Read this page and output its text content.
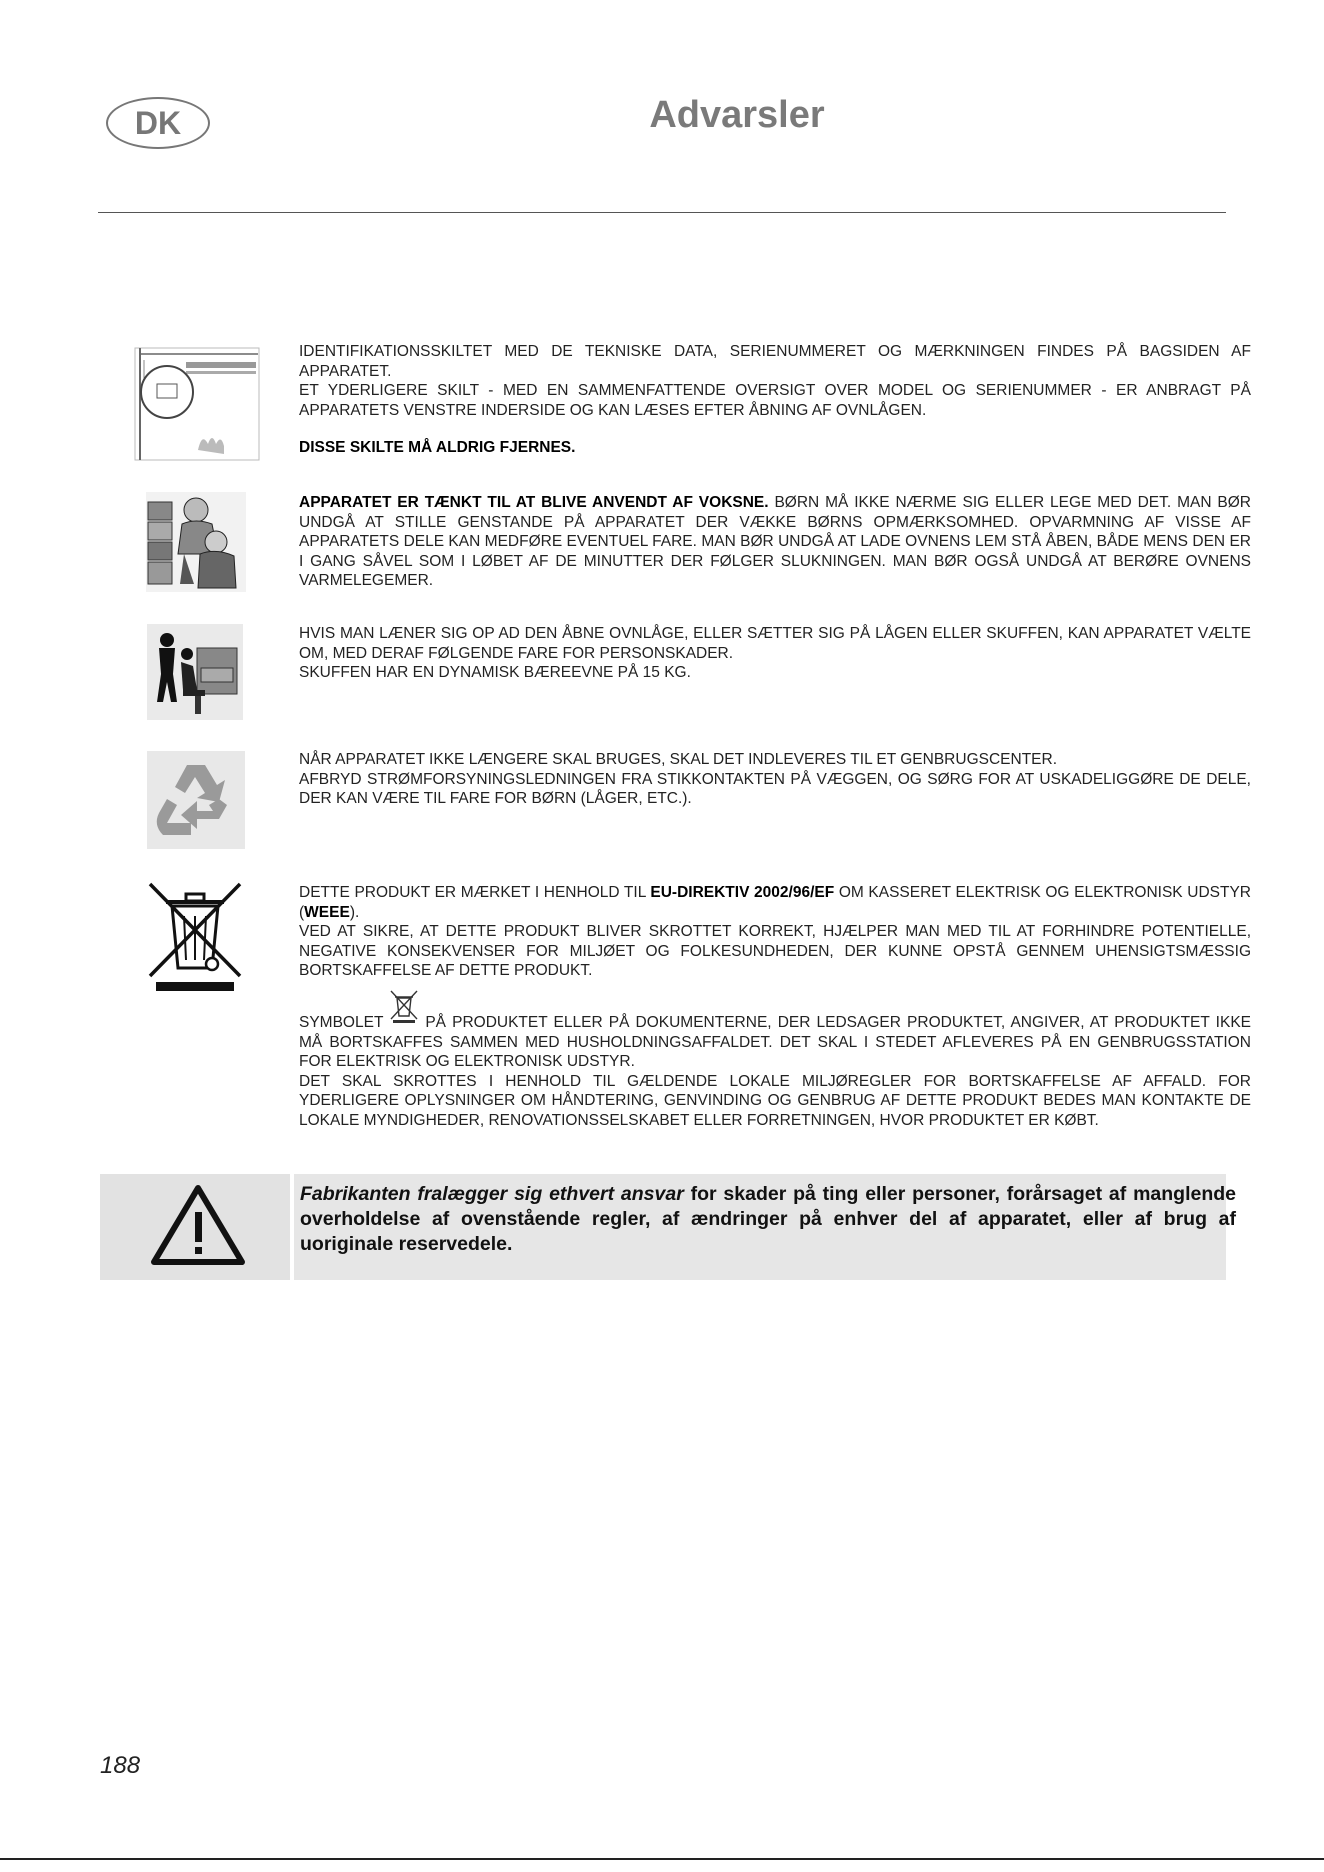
DK	Advarsler

IDENTIFIKATIONSSKILTET MED DE TEKNISKE DATA, SERIENUMMERET OG MÆRKNINGEN FINDES PÅ BAGSIDEN AF APPARATET.

ET YDERLIGERE SKILT - MED EN SAMMENFATTENDE OVERSIGT OVER MODEL OG SERIENUMMER - ER ANBRAGT PÅ APPARATETS VENSTRE INDERSIDE OG KAN LÆSES EFTER ÅBNING AF OVNLÅGEN.

DISSE SKILTE MÅ ALDRIG FJERNES.

APPARATET ER TÆNKT TIL AT BLIVE ANVENDT AF VOKSNE. BØRN MÅ IKKE NÆRME SIG ELLER LEGE MED DET. MAN BØR UNDGÅ AT STILLE GENSTANDE PÅ APPARATET DER VÆKKE BØRNS OPMÆRKSOMHED. OPVARMNING AF VISSE AF APPARATETS DELE KAN MEDFØRE EVENTUEL FARE. MAN BØR UNDGÅ AT LADE OVNENS LEM STÅ ÅBEN, BÅDE MENS DEN ER I GANG SÅVEL SOM I LØBET AF DE MINUTTER DER FØLGER SLUKNINGEN. MAN BØR OGSÅ UNDGÅ AT BERØRE OVNENS VARMELEGEMER.

HVIS MAN LÆNER SIG OP AD DEN ÅBNE OVNLÅGE, ELLER SÆTTER SIG PÅ LÅGEN ELLER SKUFFEN, KAN APPARATET VÆLTE OM, MED DERAF FØLGENDE FARE FOR PERSONSKADER.

SKUFFEN HAR EN DYNAMISK BÆREEVNE PÅ 15 KG.

NÅR APPARATET IKKE LÆNGERE SKAL BRUGES, SKAL DET INDLEVERES TIL ET GENBRUGSCENTER.

AFBRYD STRØMFORSYNINGSLEDNINGEN FRA STIKKONTAKTEN PÅ VÆGGEN, OG SØRG FOR AT USKADELIGGØRE DE DELE, DER KAN VÆRE TIL FARE FOR BØRN (LÅGER, ETC.).

DETTE PRODUKT ER MÆRKET I HENHOLD TIL EU-DIREKTIV 2002/96/EF OM KASSERET ELEKTRISK OG ELEKTRONISK UDSTYR (WEEE).

VED AT SIKRE, AT DETTE PRODUKT BLIVER SKROTTET KORREKT, HJÆLPER MAN MED TIL AT FORHINDRE POTENTIELLE, NEGATIVE KONSEKVENSER FOR MILJØET OG FOLKESUNDHEDEN, DER KUNNE OPSTÅ GENNEM UHENSIGTSMÆSSIG BORTSKAFFELSE AF DETTE PRODUKT.

SYMBOLET
PÅ PRODUKTET ELLER PÅ DOKUMENTERNE, DER LEDSAGER PRODUKTET, ANGIVER, AT PRODUKTET IKKE MÅ BORTSKAFFES SAMMEN MED HUSHOLDNINGSAFFALDET. DET SKAL I STEDET AFLEVERES PÅ EN GENBRUGSSTATION FOR ELEKTRISK OG ELEKTRONISK UDSTYR.

DET SKAL SKROTTES I HENHOLD TIL GÆLDENDE LOKALE MILJØREGLER FOR BORTSKAFFELSE AF AFFALD. FOR YDERLIGERE OPLYSNINGER OM HÅNDTERING, GENVINDING OG GENBRUG AF DETTE PRODUKT BEDES MAN KONTAKTE DE LOKALE MYNDIGHEDER, RENOVATIONSSELSKABET ELLER FORRETNINGEN, HVOR PRODUKTET ER KØBT.

Fabrikanten fralægger sig ethvert ansvar for skader på ting eller personer, forårsaget af manglende overholdelse af ovenstående regler, af ændringer på enhver del af apparatet, eller af brug af uoriginale reservedele.
188
